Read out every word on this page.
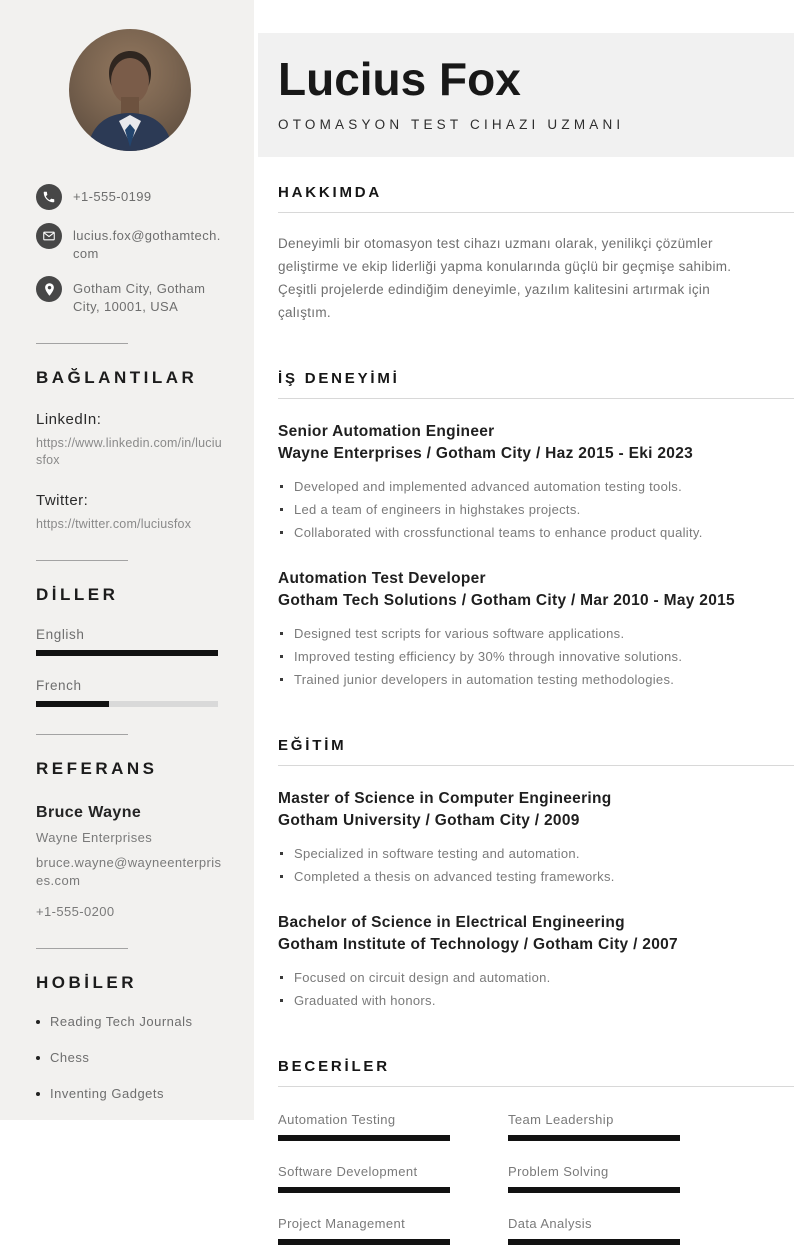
+1-555-0199
lucius.fox@gothamtech.com
Gotham City, Gotham City, 10001, USA
BAĞLANTILAR
LinkedIn:
https://www.linkedin.com/in/luciusfox
Twitter:
https://twitter.com/luciusfox
DİLLER
English
French
REFERANS
Bruce Wayne
Wayne Enterprises
bruce.wayne@wayneenterprises.com
+1-555-0200
HOBİLER
Reading Tech Journals
Chess
Inventing Gadgets
Lucius Fox
OTOMASYON TEST CIHAZI UZMANI
HAKKIMDA

Deneyimli bir otomasyon test cihazı uzmanı olarak, yenilikçi çözümler geliştirme ve ekip liderliği yapma konularında güçlü bir geçmişe sahibim. Çeşitli projelerde edindiğim deneyimle, yazılım kalitesini artırmak için çalıştım.

İŞ DENEYİMİ
Senior Automation Engineer
Wayne Enterprises / Gotham City / Haz 2015 - Eki 2023
Developed and implemented advanced automation testing tools.
Led a team of engineers in highstakes projects.
Collaborated with crossfunctional teams to enhance product quality.
Automation Test Developer
Gotham Tech Solutions / Gotham City / Mar 2010 - May 2015
Designed test scripts for various software applications.
Improved testing efficiency by 30% through innovative solutions.
Trained junior developers in automation testing methodologies.
EĞİTİM
Master of Science in Computer Engineering
Gotham University / Gotham City / 2009
Specialized in software testing and automation.
Completed a thesis on advanced testing frameworks.
Bachelor of Science in Electrical Engineering
Gotham Institute of Technology / Gotham City / 2007
Focused on circuit design and automation.
Graduated with honors.
BECERİLER
Automation Testing	Team Leadership
Software Development	Problem Solving
Project Management	Data Analysis
